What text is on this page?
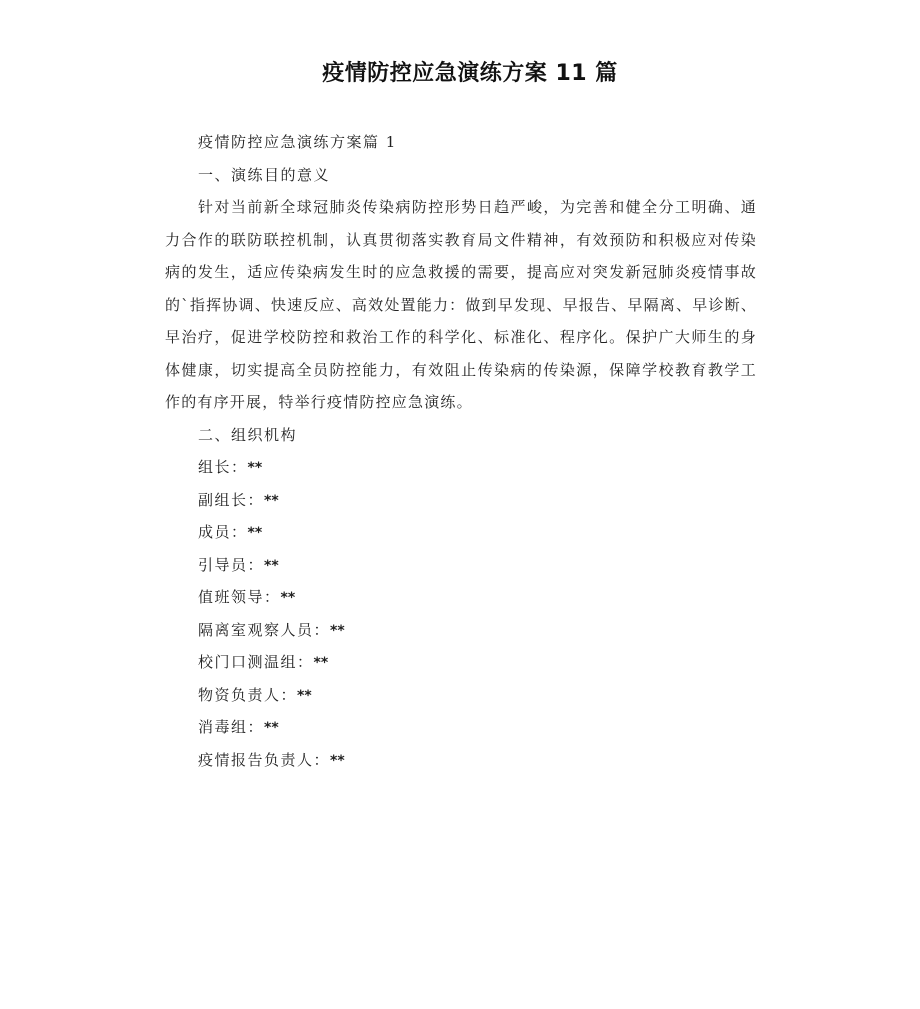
疫情防控应急演练方案 11 篇

疫情防控应急演练方案篇 1

一、演练目的意义

针对当前新全球冠肺炎传染病防控形势日趋严峻，为完善和健全分工明确、通力合作的联防联控机制，认真贯彻落实教育局文件精神，有效预防和积极应对传染病的发生，适应传染病发生时的应急救援的需要，提高应对突发新冠肺炎疫情事故的`指挥协调、快速反应、高效处置能力：做到早发现、早报告、早隔离、早诊断、早治疗，促进学校防控和救治工作的科学化、标准化、程序化。保护广大师生的身体健康，切实提高全员防控能力，有效阻止传染病的传染源，保障学校教育教学工作的有序开展，特举行疫情防控应急演练。

二、组织机构

组长：**

副组长：**

成员：**

引导员：**

值班领导：**

隔离室观察人员：**

校门口测温组：**

物资负责人：**

消毒组：**

疫情报告负责人：**
